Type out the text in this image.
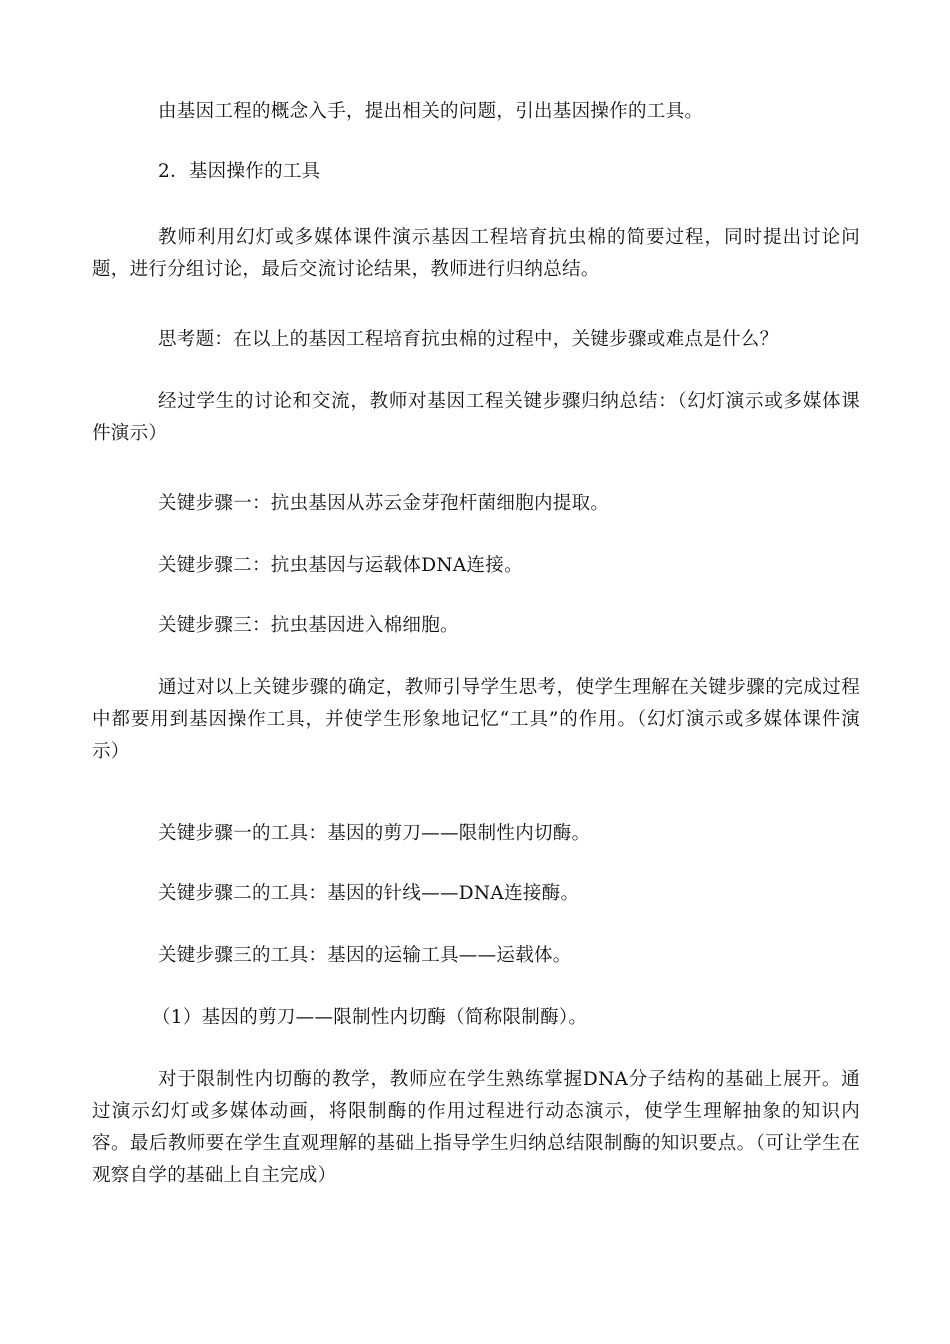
由基因工程的概念入手，提出相关的问题，引出基因操作的工具。

2．基因操作的工具

教师利用幻灯或多媒体课件演示基因工程培育抗虫棉的简要过程，同时提出讨论问题，进行分组讨论，最后交流讨论结果，教师进行归纳总结。

思考题：在以上的基因工程培育抗虫棉的过程中，关键步骤或难点是什么？

经过学生的讨论和交流，教师对基因工程关键步骤归纳总结：（幻灯演示或多媒体课件演示）

关键步骤一：抗虫基因从苏云金芽孢杆菌细胞内提取。

关键步骤二：抗虫基因与运载体DNA连接。

关键步骤三：抗虫基因进入棉细胞。

通过对以上关键步骤的确定，教师引导学生思考，使学生理解在关键步骤的完成过程中都要用到基因操作工具，并使学生形象地记忆“工具”的作用。（幻灯演示或多媒体课件演示）

关键步骤一的工具：基因的剪刀——限制性内切酶。

关键步骤二的工具：基因的针线——DNA连接酶。

关键步骤三的工具：基因的运输工具——运载体。

（1）基因的剪刀——限制性内切酶（简称限制酶）。

对于限制性内切酶的教学，教师应在学生熟练掌握DNA分子结构的基础上展开。通过演示幻灯或多媒体动画，将限制酶的作用过程进行动态演示，使学生理解抽象的知识内容。最后教师要在学生直观理解的基础上指导学生归纳总结限制酶的知识要点。（可让学生在观察自学的基础上自主完成）
